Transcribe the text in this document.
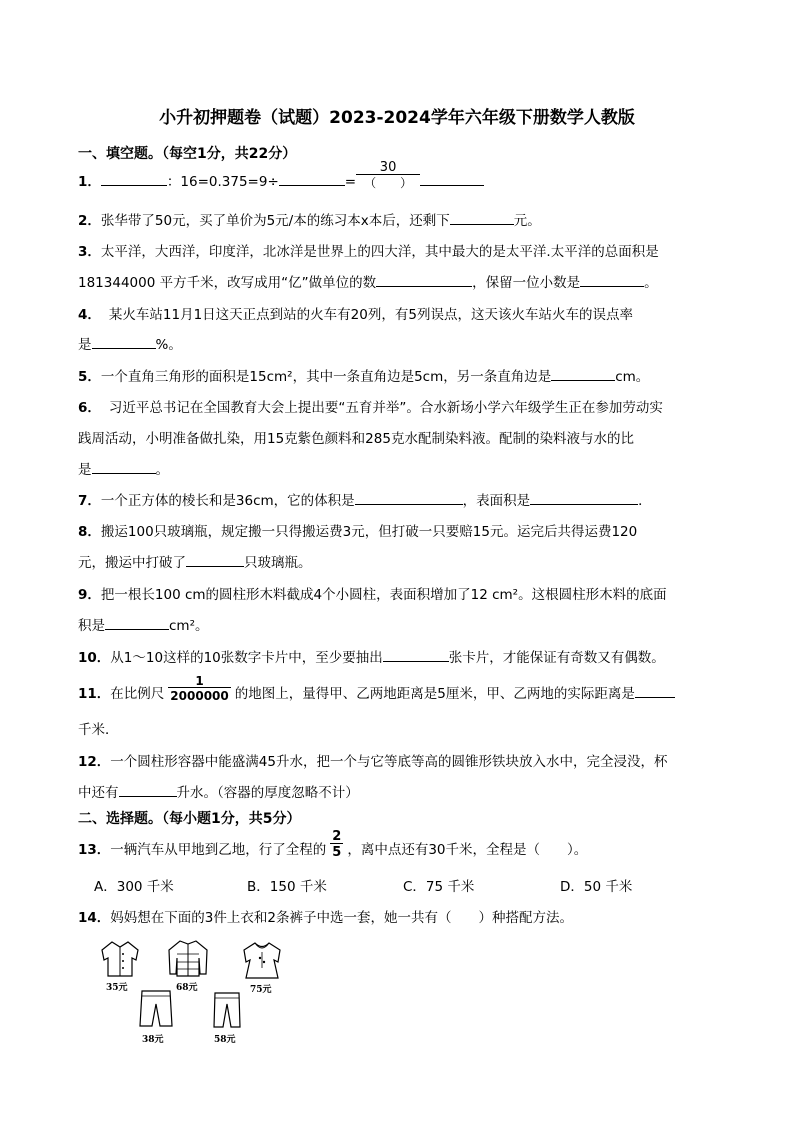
小升初押题卷（试题）2023-2024学年六年级下册数学人教版
一、填空题。（每空1分，共22分）
1．	：16=0.375=9÷	= $\frac{30}{( )}$
2．张华带了50元，买了单价为5元/本的练习本x本后，还剩下	元。
3．太平洋，大西洋，印度洋，北冰洋是世界上的四大洋，其中最大的是太平洋.太平洋的总面积是
181344000 平方千米，改写成用“亿”做单位的数	，保留一位小数是	。
4． 某火车站11月1日这天正点到站的火车有20列，有5列误点，这天该火车站火车的误点率
是	%。
5．一个直角三角形的面积是15cm²，其中一条直角边是5cm，另一条直角边是	cm。
6． 习近平总书记在全国教育大会上提出要“五育并举”。合水新场小学六年级学生正在参加劳动实
践周活动，小明准备做扎染，用15克紫色颜料和285克水配制染料液。配制的染料液与水的比
是	。
7．一个正方体的棱长和是36cm，它的体积是	，表面积是	．
8．搬运100只玻璃瓶，规定搬一只得搬运费3元，但打破一只要赔15元。运完后共得运费120
元，搬运中打破了	只玻璃瓶。
9．把一根长100 cm的圆柱形木料截成4个小圆柱，表面积增加了12 cm²。这根圆柱形木料的底面
积是	cm²。
10．从1～10这样的10张数字卡片中，至少要抽出	张卡片，才能保证有奇数又有偶数。
11．在比例尺 $\frac{1}{2000000}$ 的地图上，量得甲、乙两地距离是5厘米，甲、乙两地的实际距离是
千米．
12．一个圆柱形容器中能盛满45升水，把一个与它等底等高的圆锥形铁块放入水中，完全浸没，杯
中还有	升水。（容器的厚度忽略不计）
二、选择题。（每小题1分，共5分）
13．一辆汽车从甲地到乙地，行了全程的 $\frac{2}{5}$ ，离中点还有30千米，全程是（　　）。
A．300 千米	B．150 千米	C．75 千米	D．50 千米
14．妈妈想在下面的3件上衣和2条裤子中选一套，她一共有（　　）种搭配方法。
35元	68元	75元
38元	58元
